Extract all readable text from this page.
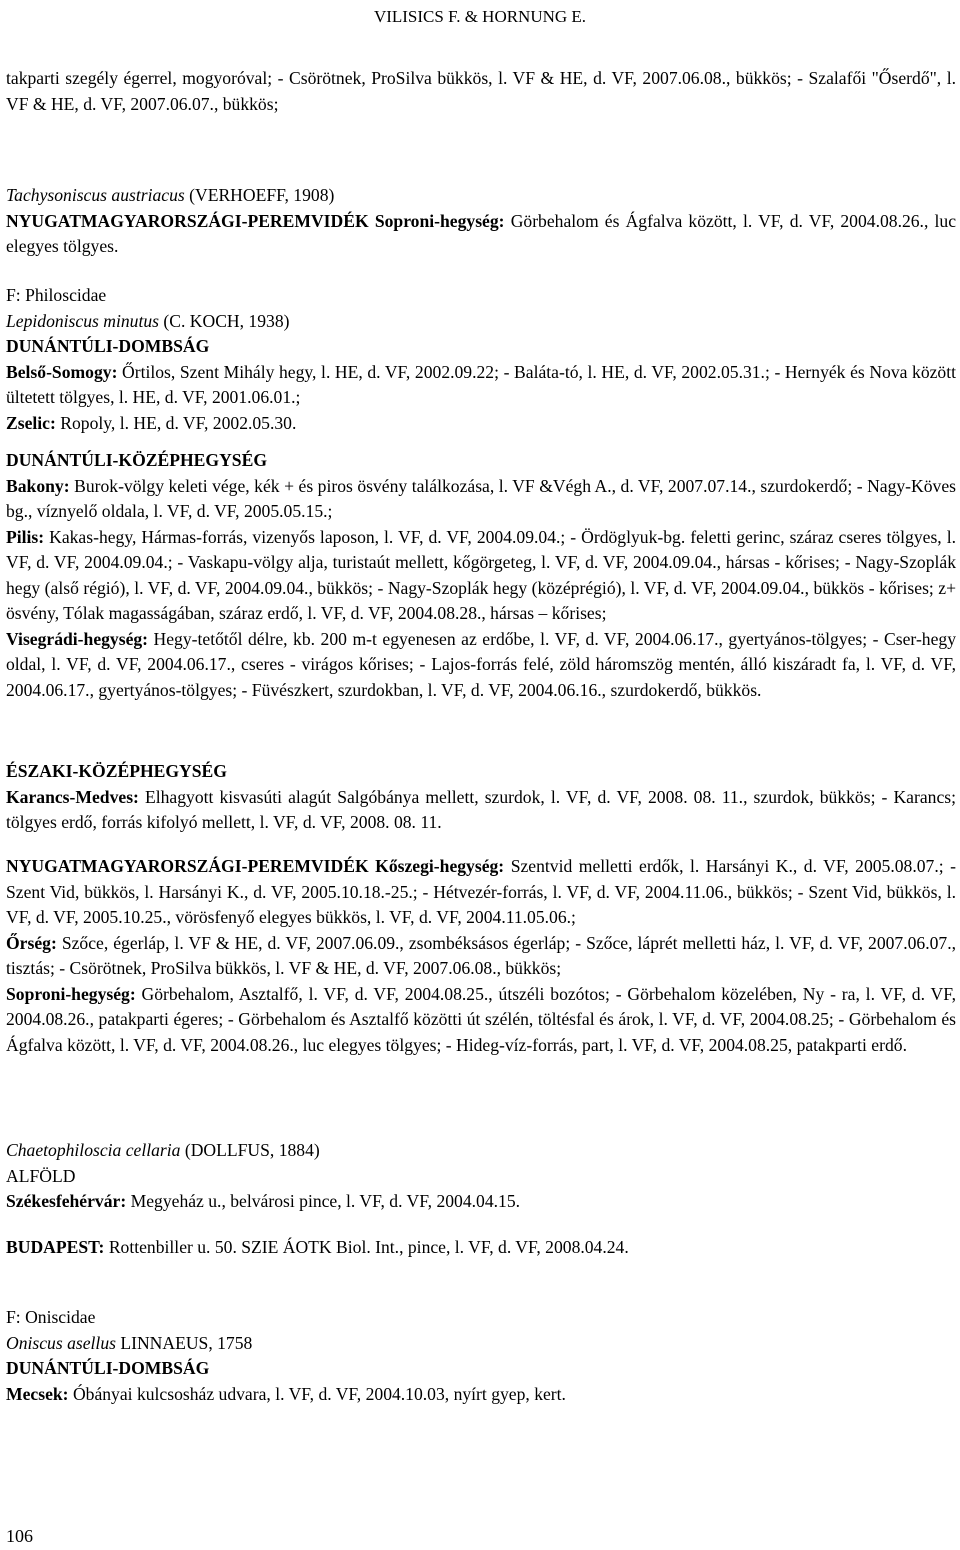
VILISICS F. & HORNUNG E.

takparti szegély égerrel, mogyoróval; - Csörötnek, ProSilva bükkös, l. VF & HE, d. VF, 2007.06.08., bükkös; - Szalafői "Őserdő", l. VF & HE, d. VF, 2007.06.07., bükkös;

Tachysoniscus austriacus (VERHOEFF, 1908)

NYUGATMAGYARORSZÁGI-PEREMVIDÉK Soproni-hegység: Görbehalom és Ágfalva között, l. VF, d. VF, 2004.08.26., luc elegyes tölgyes.

F: Philoscidae

Lepidoniscus minutus (C. KOCH, 1938)

DUNÁNTÚLI-DOMBSÁG

Belső-Somogy: Őrtilos, Szent Mihály hegy, l. HE, d. VF, 2002.09.22; - Baláta-tó, l. HE, d. VF, 2002.05.31.; - Hernyék és Nova között ültetett tölgyes, l. HE, d. VF, 2001.06.01.;

Zselic: Ropoly, l. HE, d. VF, 2002.05.30.

DUNÁNTÚLI-KÖZÉPHEGYSÉG

Bakony: Burok-völgy keleti vége, kék + és piros ösvény találkozása, l. VF &Végh A., d. VF, 2007.07.14., szurdokerdő; - Nagy-Köves bg., víznyelő oldala, l. VF, d. VF, 2005.05.15.;

Pilis: Kakas-hegy, Hármas-forrás, vizenyős laposon, l. VF, d. VF, 2004.09.04.; - Ördöglyuk-bg. feletti gerinc, száraz cseres tölgyes, l. VF, d. VF, 2004.09.04.; - Vaskapu-völgy alja, turistaút mellett, kőgörgeteg, l. VF, d. VF, 2004.09.04., hársas - kőrises; - Nagy-Szoplák hegy (alső régió), l. VF, d. VF, 2004.09.04., bükkös; - Nagy-Szoplák hegy (középrégió), l. VF, d. VF, 2004.09.04., bükkös - kőrises; z+ ösvény, Tólak magasságában, száraz erdő, l. VF, d. VF, 2004.08.28., hársas – kőrises;

Visegrádi-hegység: Hegy-tetőtől délre, kb. 200 m-t egyenesen az erdőbe, l. VF, d. VF, 2004.06.17., gyertyános-tölgyes; - Cser-hegy oldal, l. VF, d. VF, 2004.06.17., cseres - virágos kőrises; - Lajos-forrás felé, zöld háromszög mentén, álló kiszáradt fa, l. VF, d. VF, 2004.06.17., gyertyános-tölgyes; - Füvészkert, szurdokban, l. VF, d. VF, 2004.06.16., szurdokerdő, bükkös.

ÉSZAKI-KÖZÉPHEGYSÉG

Karancs-Medves: Elhagyott kisvasúti alagút Salgóbánya mellett, szurdok, l. VF, d. VF, 2008. 08. 11., szurdok, bükkös; - Karancs; tölgyes erdő, forrás kifolyó mellett, l. VF, d. VF, 2008. 08. 11.

NYUGATMAGYARORSZÁGI-PEREMVIDÉK Kőszegi-hegység: Szentvid melletti erdők, l. Harsányi K., d. VF, 2005.08.07.; - Szent Vid, bükkös, l. Harsányi K., d. VF, 2005.10.18.-25.; - Hétvezér-forrás, l. VF, d. VF, 2004.11.06., bükkös; - Szent Vid, bükkös, l. VF, d. VF, 2005.10.25., vörösfenyő elegyes bükkös, l. VF, d. VF, 2004.11.05.06.;

Őrség: Szőce, égerláp, l. VF & HE, d. VF, 2007.06.09., zsombéksásos égerláp; - Szőce, láprét melletti ház, l. VF, d. VF, 2007.06.07., tisztás; - Csörötnek, ProSilva bükkös, l. VF & HE, d. VF, 2007.06.08., bükkös;

Soproni-hegység: Görbehalom, Asztalfő, l. VF, d. VF, 2004.08.25., útszéli bozótos; - Görbehalom közelében, Ny - ra, l. VF, d. VF, 2004.08.26., patakparti égeres; - Görbehalom és Asztalfő közötti út szélén, töltésfal és árok, l. VF, d. VF, 2004.08.25; - Görbehalom és Ágfalva között, l. VF, d. VF, 2004.08.26., luc elegyes tölgyes; - Hideg-víz-forrás, part, l. VF, d. VF, 2004.08.25, patakparti erdő.

Chaetophiloscia cellaria (DOLLFUS, 1884)

ALFÖLD

Székesfehérvár: Megyeház u., belvárosi pince, l. VF, d. VF, 2004.04.15.

BUDAPEST: Rottenbiller u. 50. SZIE ÁOTK Biol. Int., pince, l. VF, d. VF, 2008.04.24.

F: Oniscidae

Oniscus asellus LINNAEUS, 1758

DUNÁNTÚLI-DOMBSÁG

Mecsek: Óbányai kulcsosház udvara, l. VF, d. VF, 2004.10.03, nyírt gyep, kert.

106
